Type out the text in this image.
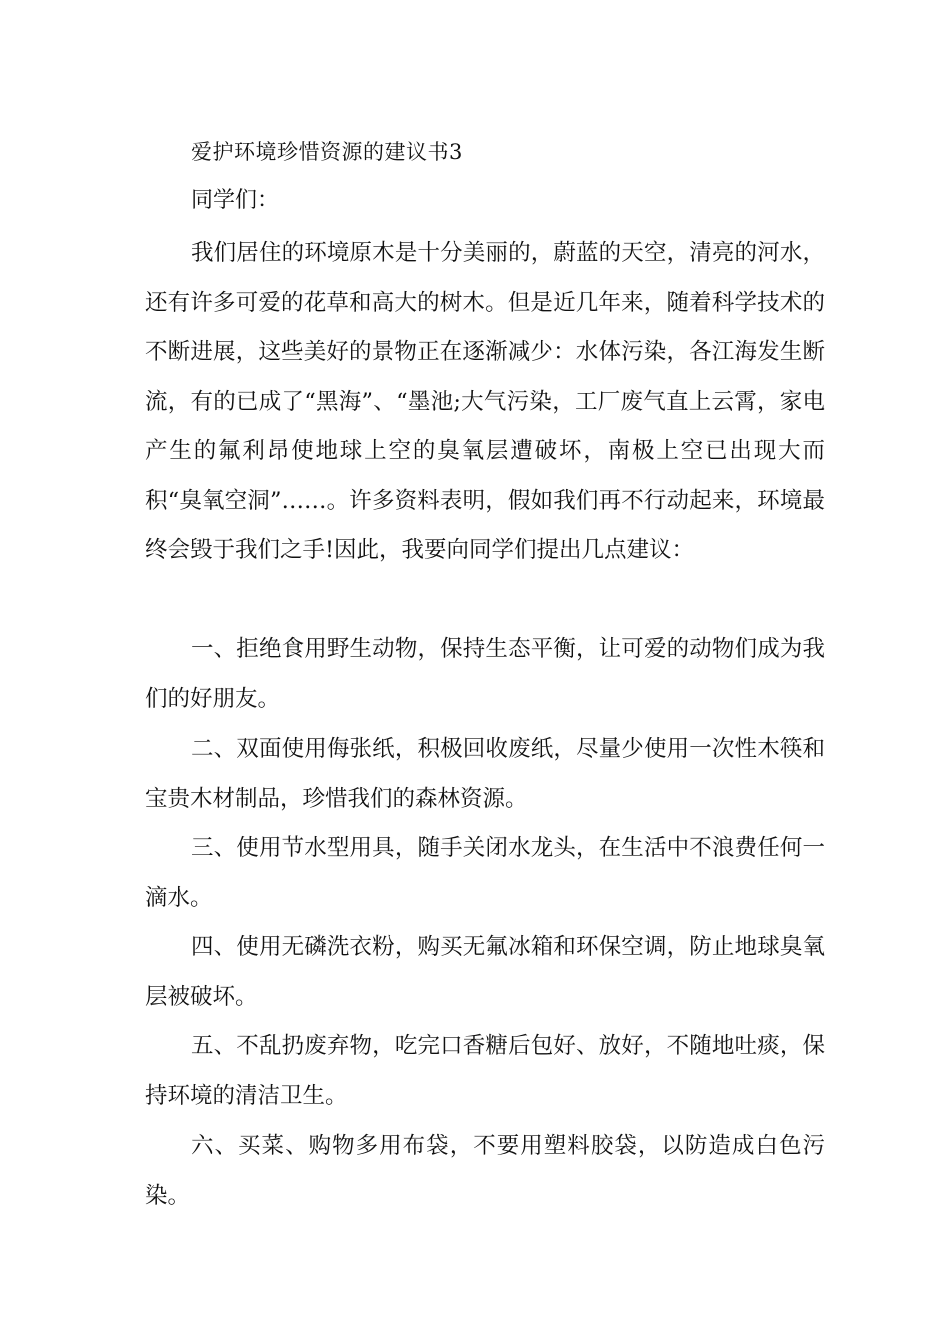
爱护环境珍惜资源的建议书3
同学们：

我们居住的环境原木是十分美丽的，蔚蓝的天空，清亮的河水，还有许多可爱的花草和高大的树木。但是近几年来，随着科学技术的不断进展，这些美好的景物正在逐渐减少：水体污染，各江海发生断流，有的已成了“黑海”、“墨池;大气污染，工厂废气直上云霄，家电产生的氟利昂使地球上空的臭氧层遭破坏，南极上空已出现大而积“臭氧空洞”……。许多资料表明，假如我们再不行动起来，环境最终会毁于我们之手!因此，我要向同学们提出几点建议：

一、拒绝食用野生动物，保持生态平衡，让可爱的动物们成为我们的好朋友。

二、双面使用侮张纸，积极回收废纸，尽量少使用一次性木筷和宝贵木材制品，珍惜我们的森林资源。

三、使用节水型用具，随手关闭水龙头，在生活中不浪费任何一滴水。

四、使用无磷洗衣粉，购买无氟冰箱和环保空调，防止地球臭氧层被破坏。

五、不乱扔废弃物，吃完口香糖后包好、放好，不随地吐痰，保持环境的清洁卫生。

六、买菜、购物多用布袋，不要用塑料胶袋，以防造成白色污染。
